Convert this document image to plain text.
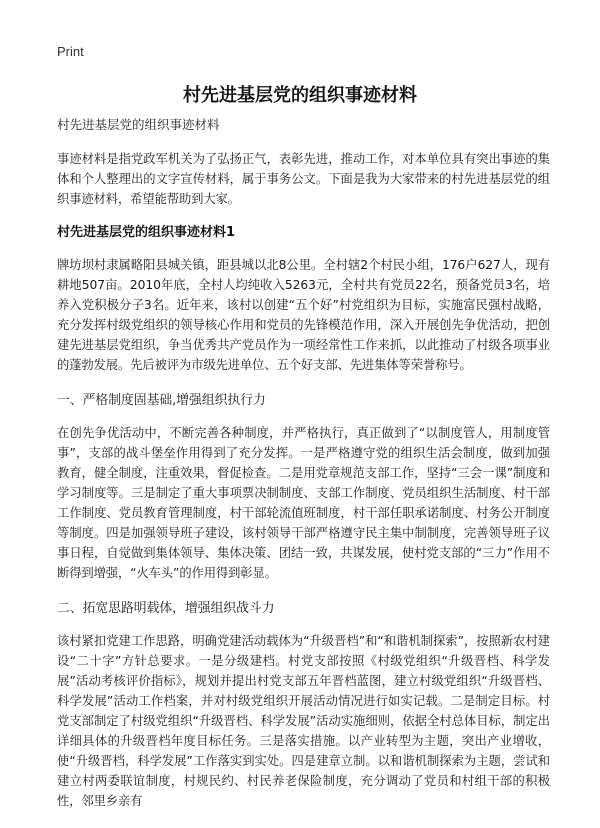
Print
村先进基层党的组织事迹材料

村先进基层党的组织事迹材料

事迹材料是指党政军机关为了弘扬正气，表彰先进，推动工作，对本单位具有突出事迹的集体和个人整理出的文字宣传材料，属于事务公文。下面是我为大家带来的村先进基层党的组织事迹材料，希望能帮助到大家。

村先进基层党的组织事迹材料1

牌坊坝村隶属略阳县城关镇，距县城以北8公里。全村辖2个村民小组，176户627人，现有耕地507亩。2010年底，全村人均纯收入5263元，全村共有党员22名，预备党员3名，培养入党积极分子3名。近年来，该村以创建“五个好”村党组织为目标，实施富民强村战略，充分发挥村级党组织的领导核心作用和党员的先锋模范作用，深入开展创先争优活动，把创建先进基层党组织，争当优秀共产党员作为一项经常性工作来抓，以此推动了村级各项事业的蓬勃发展。先后被评为市级先进单位、五个好支部、先进集体等荣誉称号。

一、严格制度固基础,增强组织执行力

在创先争优活动中，不断完善各种制度，并严格执行，真正做到了“以制度管人，用制度管事”，支部的战斗堡垒作用得到了充分发挥。一是严格遵守党的组织生活会制度，做到加强教育，健全制度，注重效果，督促检查。二是用党章规范支部工作，坚持“三会一课”制度和学习制度等。三是制定了重大事项票决制制度、支部工作制度、党员组织生活制度、村干部工作制度、党员教育管理制度，村干部轮流值班制度，村干部任职承诺制度、村务公开制度等制度。四是加强领导班子建设，该村领导干部严格遵守民主集中制制度，完善领导班子议事日程，自觉做到集体领导、集体决策、团结一致，共谋发展，使村党支部的“三力”作用不断得到增强，“火车头”的作用得到彰显。

二、拓宽思路明载体，增强组织战斗力

该村紧扣党建工作思路，明确党建活动载体为“升级晋档”和“和谐机制探索”，按照新农村建设“二十字”方针总要求。一是分级建档。村党支部按照《村级党组织“升级晋档、科学发展”活动考核评价指标》，规划并提出村党支部五年晋档蓝图，建立村级党组织“升级晋档、科学发展”活动工作档案，并对村级党组织开展活动情况进行如实记载。二是制定目标。村党支部制定了村级党组织“升级晋档、科学发展”活动实施细则，依据全村总体目标，制定出详细具体的升级晋档年度目标任务。三是落实措施。以产业转型为主题，突出产业增收，使“升级晋档，科学发展”工作落实到实处。四是建章立制。以和谐机制探索为主题，尝试和建立村两委联谊制度，村规民约、村民养老保险制度，充分调动了党员和村组干部的积极性，邻里乡亲有
